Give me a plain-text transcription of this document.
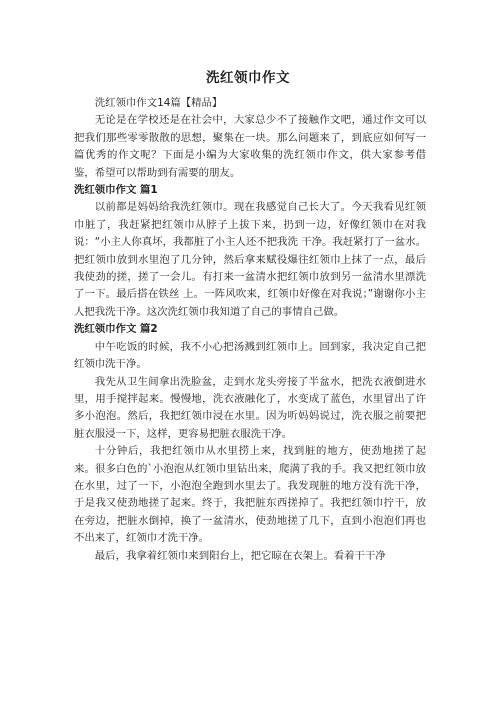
洗红领巾作文

洗红领巾作文14篇【精品】

无论是在学校还是在社会中，大家总少不了接触作文吧，通过作文可以把我们那些零零散散的思想，聚集在一块。那么问题来了，到底应如何写一篇优秀的作文呢？下面是小编为大家收集的洗红领巾作文，供大家参考借鉴，希望可以帮助到有需要的朋友。

洗红领巾作文 篇1

以前都是妈妈给我洗红领巾。现在我感觉自己长大了。今天我看见红领巾脏了，我赶紧把红领巾从脖子上拔下来，扔到一边，好像红领巾在对我说：“小主人你真坏，我都脏了小主人还不把我洗 干净。我赶紧打了一盆水。把红领巾放到水里泡了几分钟，然后拿来赋役爆往红领巾上抹了一点，最后我使劲的搓，搓了一会儿。有打来一盆清水把红领巾放到另一盆清水里漂洗了一下。最后搭在铁丝 上。一阵风吹来，红领巾好像在对我说；”谢谢你小主人把我洗干净。这次洗红领巾我知道了自己的事情自己做。

洗红领巾作文 篇2

中午吃饭的时候，我不小心把汤溅到红领巾上。回到家，我决定自己把红领巾洗干净。

我先从卫生间拿出洗脸盆，走到水龙头旁接了半盆水，把洗衣液倒进水里，用手搅拌起来。慢慢地，洗衣液融化了，水变成了蓝色，水里冒出了许多小泡泡。然后，我把红领巾浸在水里。因为听妈妈说过，洗衣服之前要把脏衣服浸一下，这样，更容易把脏衣服洗干净。

十分钟后，我把红领巾从水里捞上来，找到脏的地方，使劲地搓了起来。很多白色的`小泡泡从红领巾里钻出来，爬满了我的手。我又把红领巾放在水里，过了一下，小泡泡全跑到水里去了。我发现脏的地方没有洗干净，于是我又使劲地搓了起来。终于，我把脏东西搓掉了。我把红领巾拧干，放在旁边，把脏水倒掉，换了一盆清水，使劲地搓了几下，直到小泡泡们再也不出来了，红领巾才洗干净。

最后，我拿着红领巾来到阳台上，把它晾在衣架上。看着干干净
